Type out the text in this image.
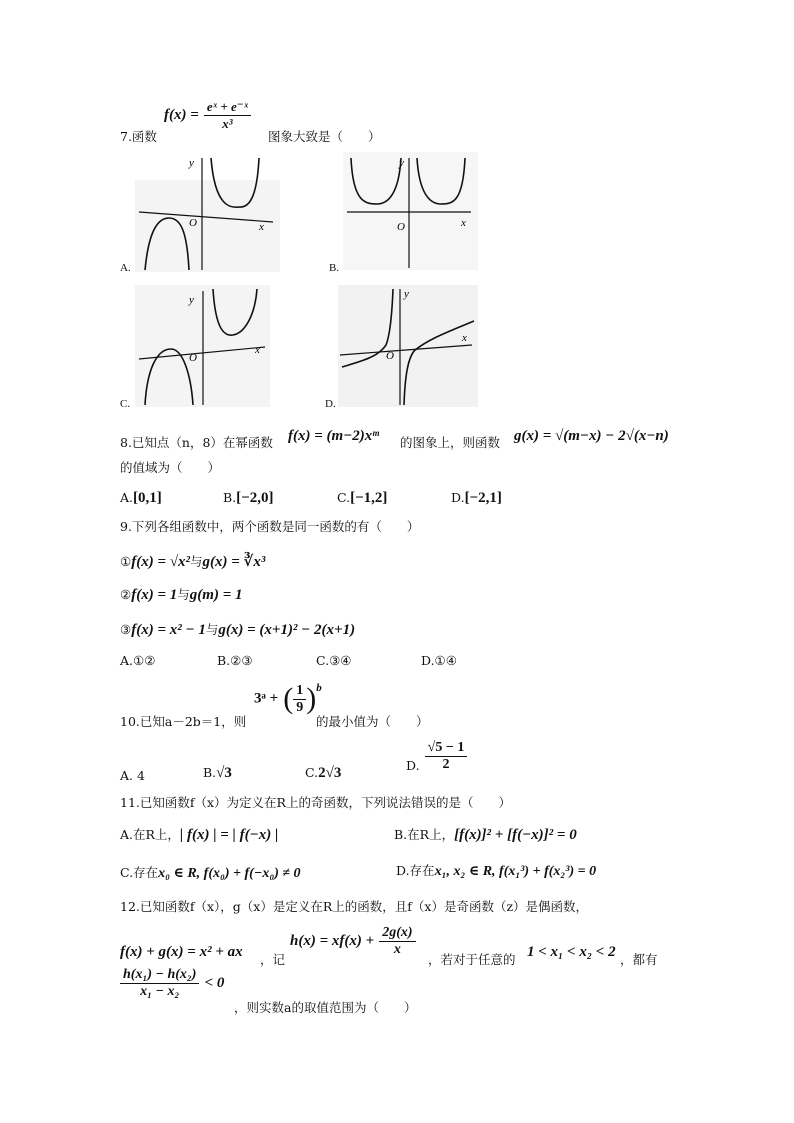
7.函数
$f(x) = \frac{\text{eˣ + e⁻ˣ}}{\text{x³}}$
图象大致是（　　）
x
y
O
A.
x
y
O
B.
x
y
O
C.
x
y
O
D.
8.已知点（n，8）在幂函数 f(x) = (m−2)xᵐ 的图象上，则函数 g(x) = √(m−x) − 2√(x−n)
的值域为（　　）
A.[0,1]	B.[−2,0]	C.[−1,2]	D.[−2,1]
9.下列各组函数中，两个函数是同一函数的有（　　）
①f(x) = √x²与g(x) = ∛x³
②f(x) = 1与g(m) = 1
③f(x) = x² − 1与g(x) = (x+1)² − 2(x+1)
A.①②	B.②③	C.③④	D.①④
10.已知a－2b＝1，则
3ᵃ + ( $\frac{1}{9} )^b$
的最小值为（　　）
A. 4	B.√3	C.2√3	D. $\frac{√5 - 1}{2}$
11.已知函数f（x）为定义在R上的奇函数，下列说法错误的是（　　）
A.在R上，| f(x) | = | f(−x) |	B.在R上，[f(x)]² + [f(−x)]² = 0
C.存在x₀ ∈ R, f(x₀) + f(−x₀) ≠ 0	D.存在x₁, x₂ ∈ R, f(x₁³) + f(x₂³) = 0
12.已知函数f（x），g（x）是定义在R上的函数，且f（x）是奇函数（z）是偶函数，
f(x) + g(x) = x² + ax ，记
$h(x) = xf(x) + \frac{2g(x)}{x}$
，若对于任意的 1 < x₁ < x₂ < 2 ，都有
$\frac{\text{h(x₁) − h(x₂)}}{\text{x₁ − x₂}} < 0$
，则实数a的取值范围为（　　）
